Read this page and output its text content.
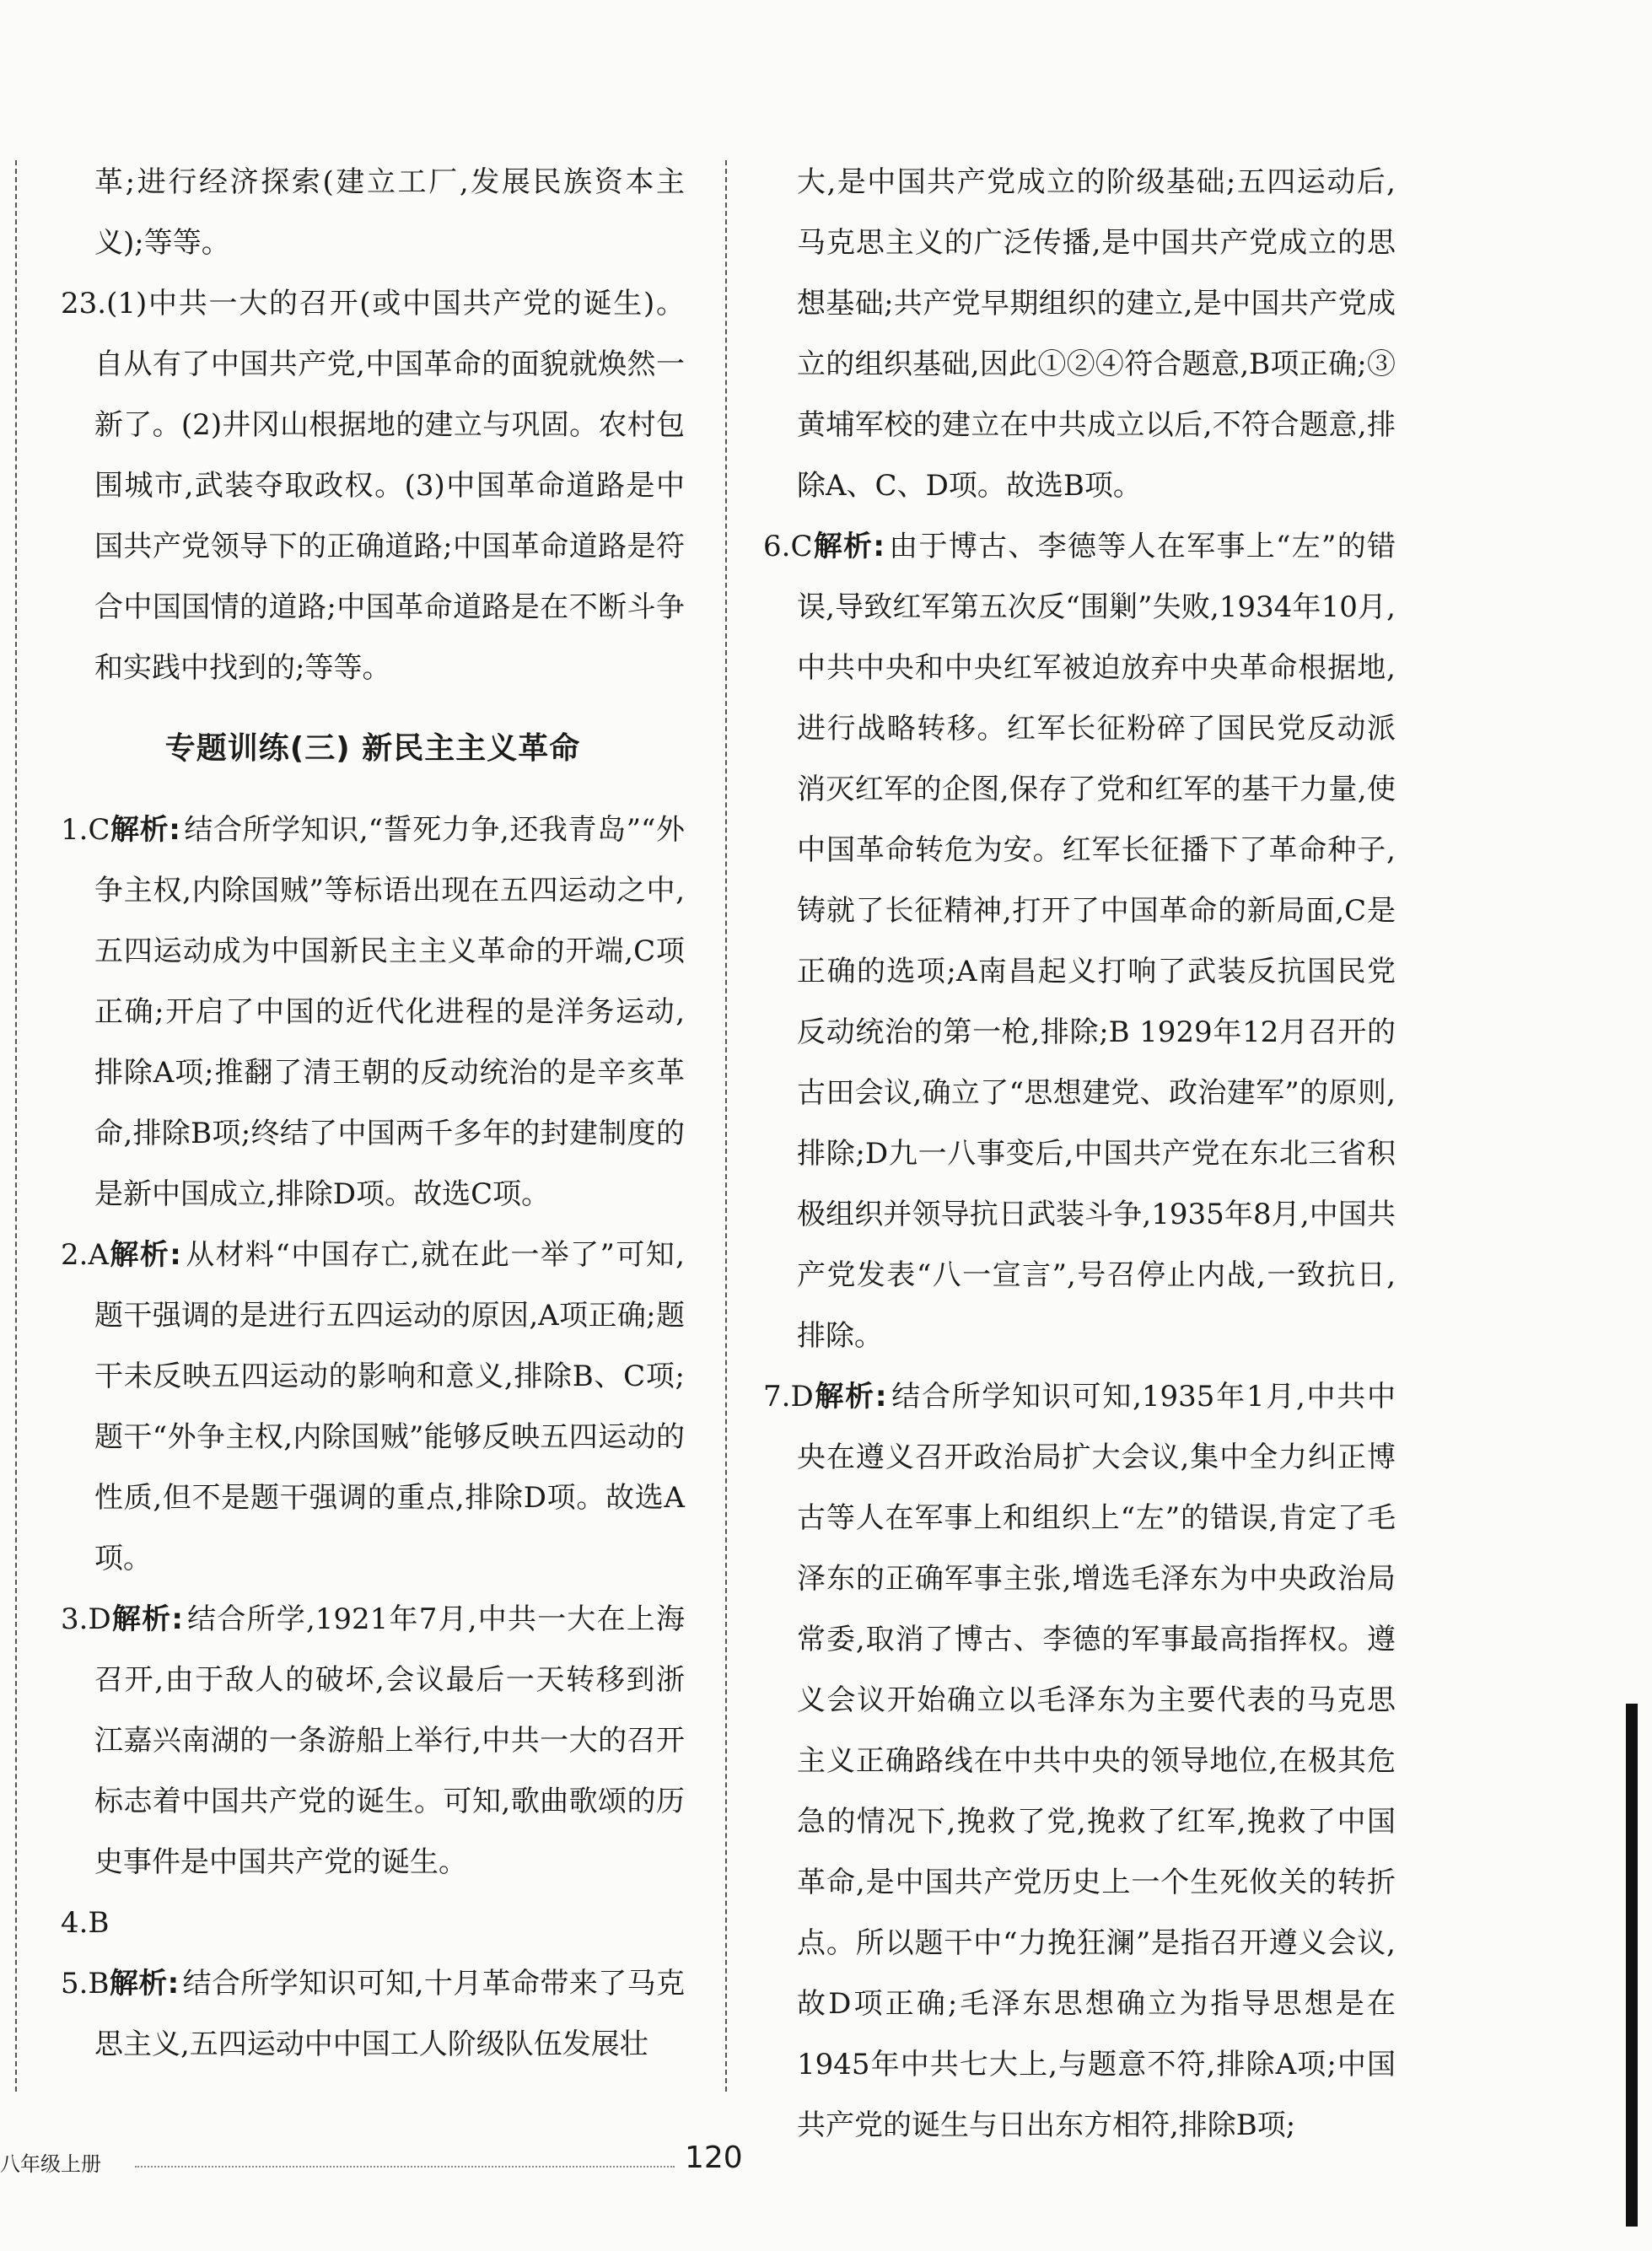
革;进行经济探索(建立工厂,发展民族资本主义);等等。

23.(1)中共一大的召开(或中国共产党的诞生)。自从有了中国共产党,中国革命的面貌就焕然一新了。(2)井冈山根据地的建立与巩固。农村包围城市,武装夺取政权。(3)中国革命道路是中国共产党领导下的正确道路;中国革命道路是符合中国国情的道路;中国革命道路是在不断斗争和实践中找到的;等等。

专题训练(三) 新民主主义革命

1.C解析: 结合所学知识,“誓死力争,还我青岛”“外争主权,内除国贼”等标语出现在五四运动之中,五四运动成为中国新民主主义革命的开端,C项正确;开启了中国的近代化进程的是洋务运动,排除A项;推翻了清王朝的反动统治的是辛亥革命,排除B项;终结了中国两千多年的封建制度的是新中国成立,排除D项。故选C项。

2.A解析: 从材料“中国存亡,就在此一举了”可知,题干强调的是进行五四运动的原因,A项正确;题干未反映五四运动的影响和意义,排除B、C项;题干“外争主权,内除国贼”能够反映五四运动的性质,但不是题干强调的重点,排除D项。故选A项。

3.D解析: 结合所学,1921年7月,中共一大在上海召开,由于敌人的破坏,会议最后一天转移到浙江嘉兴南湖的一条游船上举行,中共一大的召开标志着中国共产党的诞生。可知,歌曲歌颂的历史事件是中国共产党的诞生。

4.B

5.B解析: 结合所学知识可知,十月革命带来了马克思主义,五四运动中中国工人阶级队伍发展壮

大,是中国共产党成立的阶级基础;五四运动后,马克思主义的广泛传播,是中国共产党成立的思想基础;共产党早期组织的建立,是中国共产党成立的组织基础,因此①②④符合题意,B项正确;③黄埔军校的建立在中共成立以后,不符合题意,排除A、C、D项。故选B项。

6.C解析: 由于博古、李德等人在军事上“左”的错误,导致红军第五次反“围剿”失败,1934年10月,中共中央和中央红军被迫放弃中央革命根据地,进行战略转移。红军长征粉碎了国民党反动派消灭红军的企图,保存了党和红军的基干力量,使中国革命转危为安。红军长征播下了革命种子,铸就了长征精神,打开了中国革命的新局面,C是正确的选项;A南昌起义打响了武装反抗国民党反动统治的第一枪,排除;B 1929年12月召开的古田会议,确立了“思想建党、政治建军”的原则,排除;D九一八事变后,中国共产党在东北三省积极组织并领导抗日武装斗争,1935年8月,中国共产党发表“八一宣言”,号召停止内战,一致抗日,排除。

7.D解析: 结合所学知识可知,1935年1月,中共中央在遵义召开政治局扩大会议,集中全力纠正博古等人在军事上和组织上“左”的错误,肯定了毛泽东的正确军事主张,增选毛泽东为中央政治局常委,取消了博古、李德的军事最高指挥权。遵义会议开始确立以毛泽东为主要代表的马克思主义正确路线在中共中央的领导地位,在极其危急的情况下,挽救了党,挽救了红军,挽救了中国革命,是中国共产党历史上一个生死攸关的转折点。所以题干中“力挽狂澜”是指召开遵义会议,故D项正确;毛泽东思想确立为指导思想是在1945年中共七大上,与题意不符,排除A项;中国共产党的诞生与日出东方相符,排除B项;

八年级上册	120
